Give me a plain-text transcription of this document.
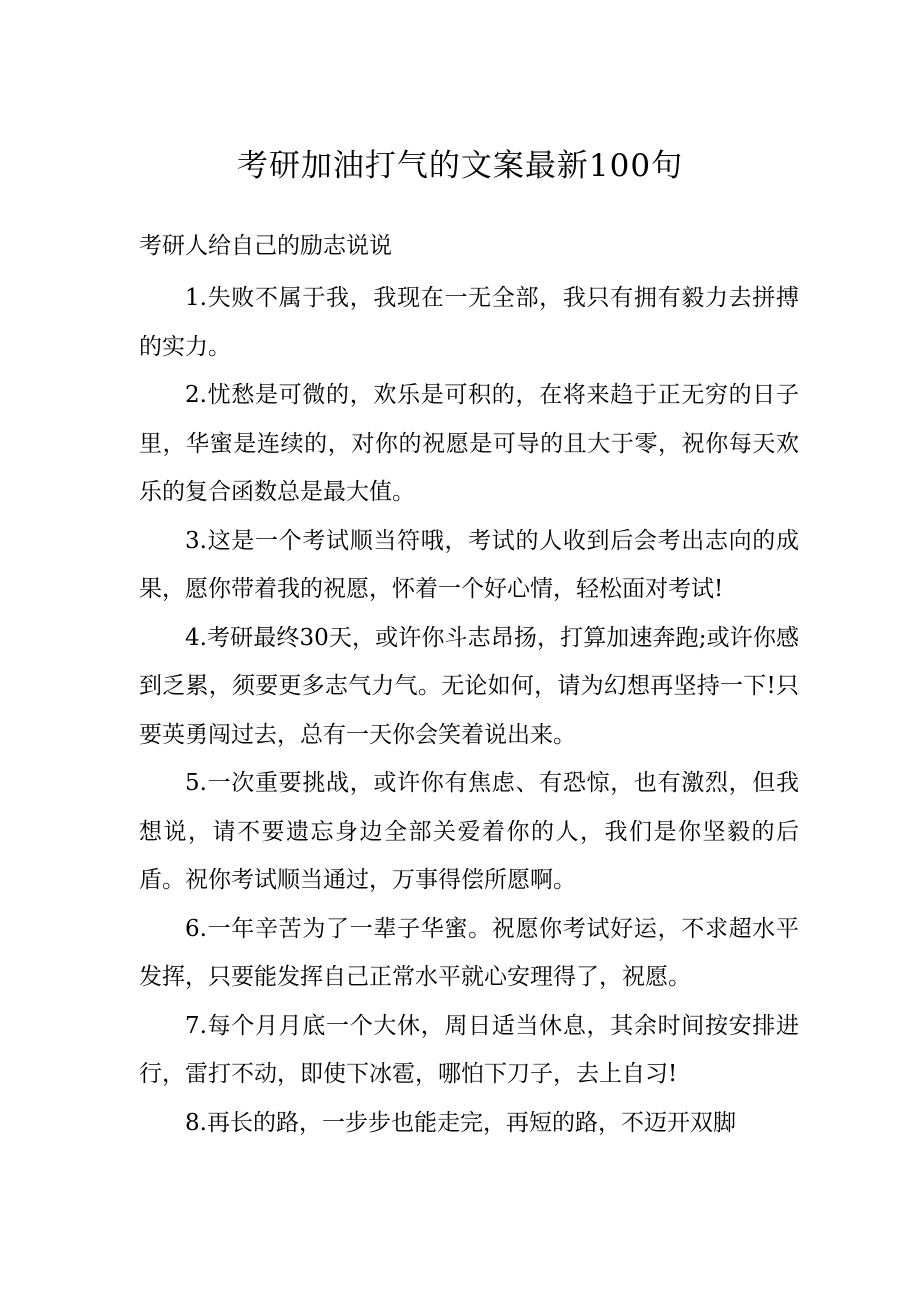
考研加油打气的文案最新100句

考研人给自己的励志说说

1.失败不属于我，我现在一无全部，我只有拥有毅力去拼搏的实力。

2.忧愁是可微的，欢乐是可积的，在将来趋于正无穷的日子里，华蜜是连续的，对你的祝愿是可导的且大于零，祝你每天欢乐的复合函数总是最大值。

3.这是一个考试顺当符哦，考试的人收到后会考出志向的成果，愿你带着我的祝愿，怀着一个好心情，轻松面对考试!

4.考研最终30天，或许你斗志昂扬，打算加速奔跑;或许你感到乏累，须要更多志气力气。无论如何，请为幻想再坚持一下!只要英勇闯过去，总有一天你会笑着说出来。

5.一次重要挑战，或许你有焦虑、有恐惊，也有激烈，但我想说，请不要遗忘身边全部关爱着你的人，我们是你坚毅的后盾。祝你考试顺当通过，万事得偿所愿啊。

6.一年辛苦为了一辈子华蜜。祝愿你考试好运，不求超水平发挥，只要能发挥自己正常水平就心安理得了，祝愿。

7.每个月月底一个大休，周日适当休息，其余时间按安排进行，雷打不动，即使下冰雹，哪怕下刀子，去上自习!

8.再长的路，一步步也能走完，再短的路，不迈开双脚
